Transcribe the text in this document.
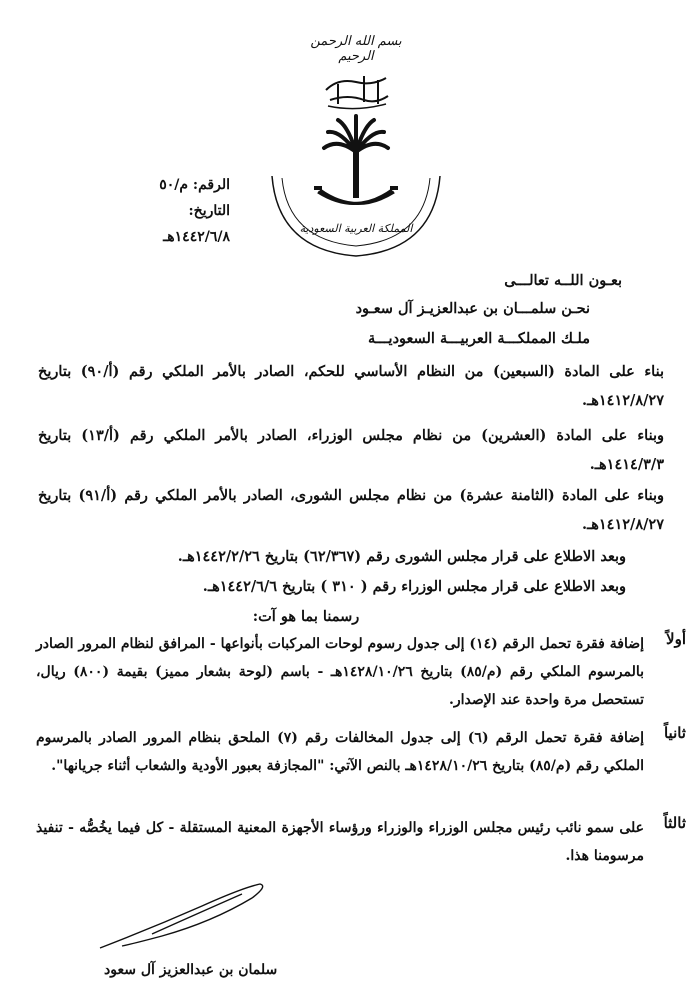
بسم الله الرحمن الرحيم
المملكة العربية السعودية
الرقم: م/٥٠
التاريخ: ١٤٤٢/٦/٨هـ
بعـون اللــه تعالـــى
نحـن سلمـــان بن عبدالعزيـز آل سعـود
ملـك المملكـــة العربيـــة السعوديـــة
بناء على المادة (السبعين) من النظام الأساسي للحكم، الصادر بالأمر الملكي رقم (أ/٩٠) بتاريخ ١٤١٢/٨/٢٧هـ.
وبناء على المادة (العشرين) من نظام مجلس الوزراء، الصادر بالأمر الملكي رقم (أ/١٣) بتاريخ ١٤١٤/٣/٣هـ.
وبناء على المادة (الثامنة عشرة) من نظام مجلس الشورى، الصادر بالأمر الملكي رقم (أ/٩١) بتاريخ ١٤١٢/٨/٢٧هـ.
وبعد الاطلاع على قرار مجلس الشورى رقم (٦٢/٣٦٧) بتاريخ ١٤٤٢/٢/٢٦هـ.
وبعد الاطلاع على قرار مجلس الوزراء رقم ( ٣١٠ ) بتاريخ ١٤٤٢/٦/٦هـ.
رسمنا بما هو آت:
أولاً
إضافة فقرة تحمل الرقم (١٤) إلى جدول رسوم لوحات المركبات بأنواعها - المرافق لنظام المرور الصادر بالمرسوم الملكي رقم (م/٨٥) بتاريخ ١٤٢٨/١٠/٢٦هـ - باسم (لوحة بشعار مميز) بقيمة (٨٠٠) ريال، تستحصل مرة واحدة عند الإصدار.
ثانياً
إضافة فقرة تحمل الرقم (٦) إلى جدول المخالفات رقم (٧) الملحق بنظام المرور الصادر بالمرسوم الملكي رقم (م/٨٥) بتاريخ ١٤٢٨/١٠/٢٦هـ بالنص الآتي: "المجازفة بعبور الأودية والشعاب أثناء جريانها".
ثالثاً
على سمو نائب رئيس مجلس الوزراء والوزراء ورؤساء الأجهزة المعنية المستقلة - كل فيما يخُصُّه - تنفيذ مرسومنا هذا.
سلمان بن عبدالعزيز آل سعود
